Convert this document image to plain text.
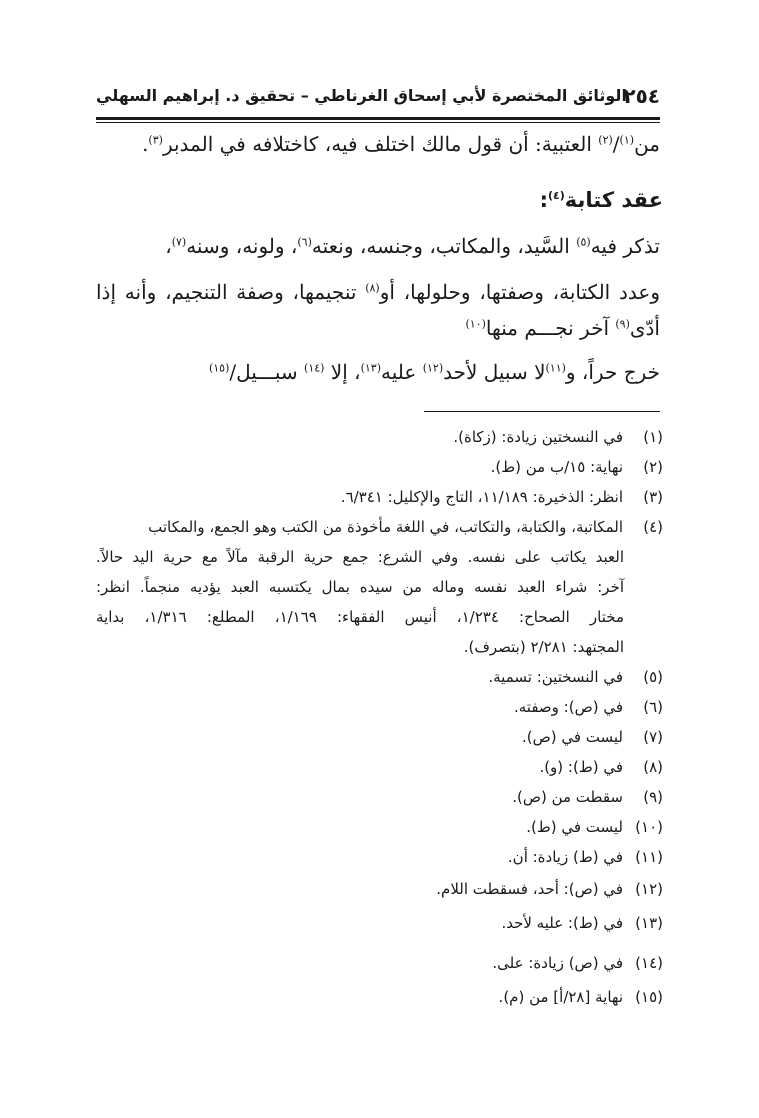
٢٥٤
الوثائق المختصرة لأبي إسحاق الغرناطي – تحقيق د. إبراهيم السهلي
من$^{(١)}$/$^{(٢)}$ العتبية: أن قول مالك اختلف فيه، كاختلافه في المدبر$^{(٣)}$.
عقد كتابة$^{(٤)}$:
تذكر فيه$^{(٥)}$ السَّيد، والمكاتب، وجنسه، ونعته$^{(٦)}$، ولونه، وسنه$^{(٧)}$،
وعدد الكتابة، وصفتها، وحلولها، أو$^{(٨)}$ تنجيمها، وصفة التنجيم، وأنه إذا
أدّى$^{(٩)}$ آخر نجـــم منها$^{(١٠)}$
خرج حراً، و$^{(١١)}$لا سبيل لأحد$^{(١٢)}$ عليه$^{(١٣)}$، إلا $^{(١٤)}$ سبـــيل/$^{(١٥)}$
(١)في النسختين زيادة: (زكاة).
(٢)نهاية: ١٥/ب من (ط).
(٣)انظر: الذخيرة: ١١/١٨٩، التاج والإكليل: ٦/٣٤١.
(٤)المكاتبة، والكتابة، والتكاتب، في اللغة مأخوذة من الكتب وهو الجمع، والمكاتب
العبد يكاتب على نفسه. وفي الشرع: جمع حرية الرقبة مآلاً مع حرية اليد حالاً.
آخر: شراء العبد نفسه وماله من سيده بمال يكتسبه العبد يؤديه منجماً. انظر:
مختار الصحاح: ١/٢٣٤، أنيس الفقهاء: ١/١٦٩، المطلع: ١/٣١٦، بداية
المجتهد: ٢/٢٨١ (بتصرف).
(٥)في النسختين: تسمية.
(٦)في (ص): وصفته.
(٧)ليست في (ص).
(٨)في (ط): (و).
(٩)سقطت من (ص).
(١٠)ليست في (ط).
(١١)في (ط) زيادة: أن.
(١٢)في (ص): أحد، فسقطت اللام.
(١٣)في (ط): عليه لأحد.
(١٤)في (ص) زيادة: على.
(١٥)نهاية [٢٨/أ] من (م).
